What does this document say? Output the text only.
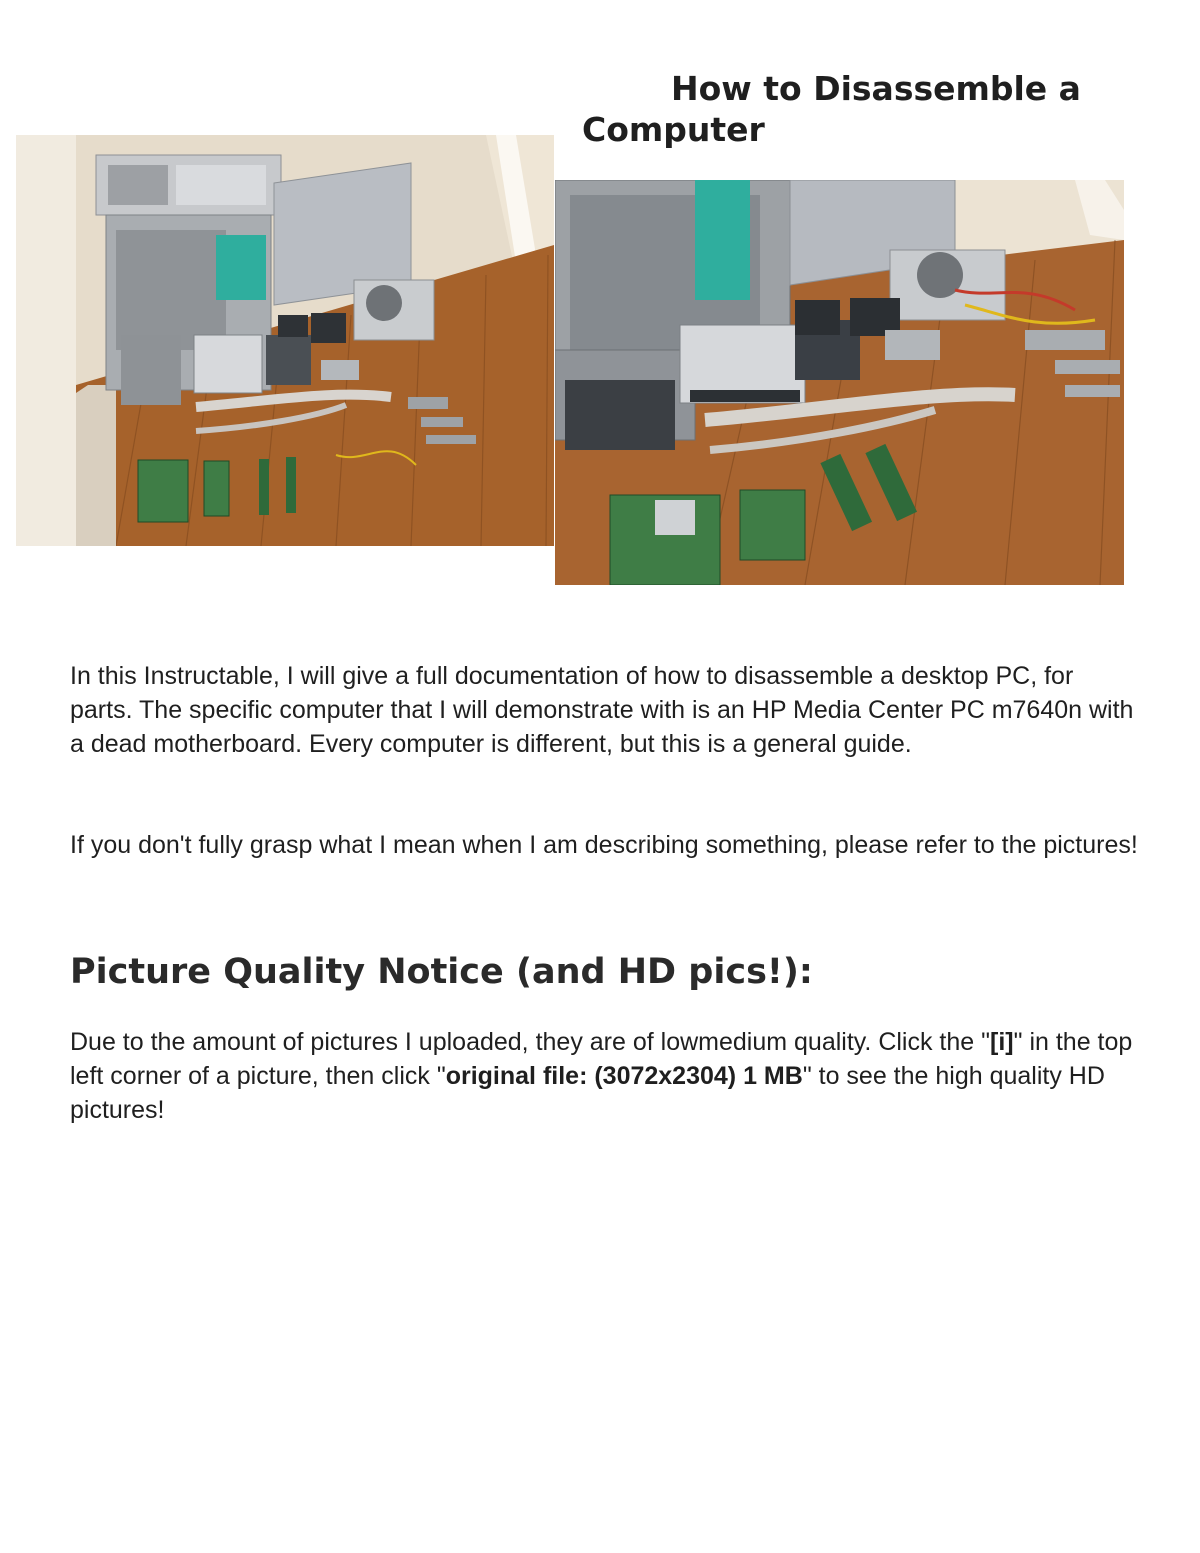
How to Disassemble a
Computer

In this Instructable, I will give a full documentation of how to disassemble a desktop PC, for parts. The specific computer that I will demonstrate with is an HP Media Center PC m7640n with a dead motherboard. Every computer is different, but this is a general guide.

If you don't fully grasp what I mean when I am describing something, please refer to the pictures!

Picture Quality Notice (and HD pics!):

Due to the amount of pictures I uploaded, they are of lowmedium quality. Click the "[i]" in the top left corner of a picture, then click "original file: (3072x2304) 1 MB" to see the high quality HD pictures!
